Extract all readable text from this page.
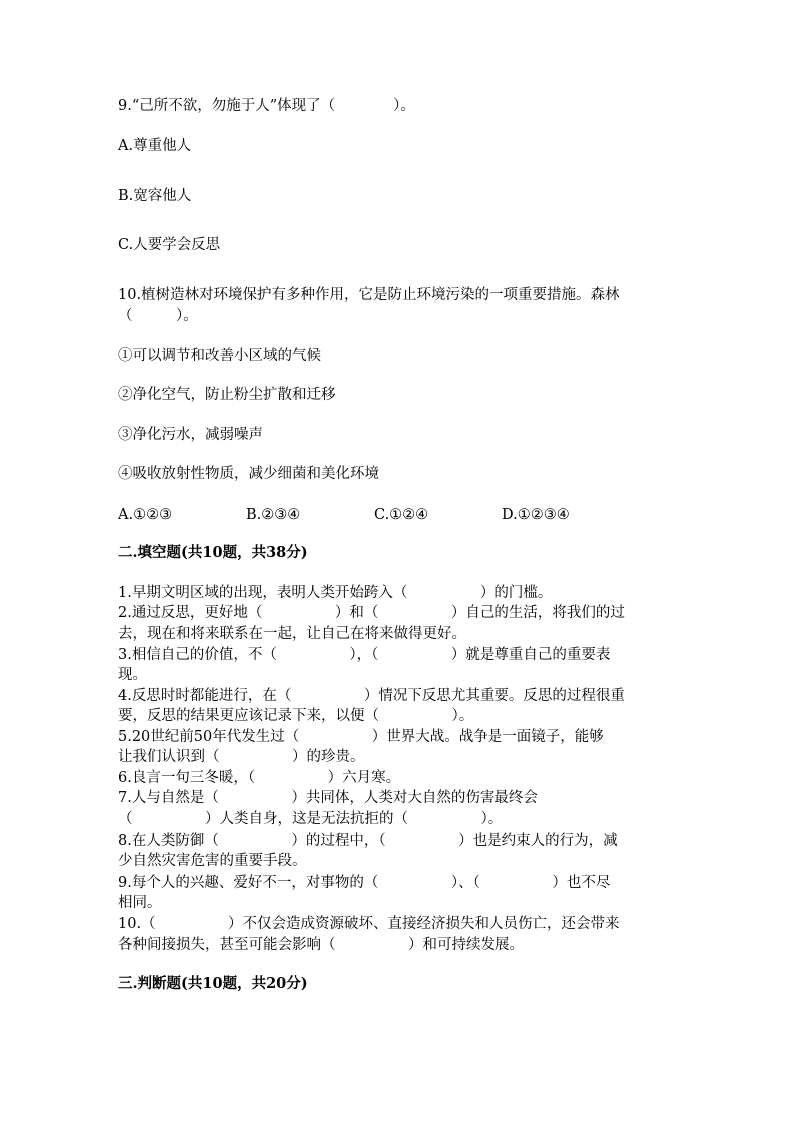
9.“己所不欲，勿施于人”体现了（　　　　）。
A.尊重他人
B.宽容他人
C.人要学会反思
10.植树造林对环境保护有多种作用，它是防止环境污染的一项重要措施。森林
（　　　）。
①可以调节和改善小区域的气候
②净化空气，防止粉尘扩散和迁移
③净化污水，减弱噪声
④吸收放射性物质，减少细菌和美化环境
A.①②③	B.②③④	C.①②④	D.①②③④
二.填空题(共10题，共38分)
1.早期文明区域的出现，表明人类开始跨入（　　　　　）的门槛。
2.通过反思，更好地（　　　　　）和（　　　　　）自己的生活，将我们的过
去，现在和将来联系在一起，让自己在将来做得更好。
3.相信自己的价值，不（　　　　　），（　　　　　）就是尊重自己的重要表
现。
4.反思时时都能进行，在（　　　　　）情况下反思尤其重要。反思的过程很重
要，反思的结果更应该记录下来，以便（　　　　　）。
5.20世纪前50年代发生过（　　　　　）世界大战。战争是一面镜子，能够
让我们认识到（　　　　　）的珍贵。
6.良言一句三冬暖，（　　　　　）六月寒。
7.人与自然是（　　　　　）共同体，人类对大自然的伤害最终会
（　　　　　）人类自身，这是无法抗拒的（　　　　　）。
8.在人类防御（　　　　　）的过程中，（　　　　　）也是约束人的行为，减
少自然灾害危害的重要手段。
9.每个人的兴趣、爱好不一，对事物的（　　　　　）、（　　　　　）也不尽
相同。
10.（　　　　　）不仅会造成资源破坏、直接经济损失和人员伤亡，还会带来
各种间接损失，甚至可能会影响（　　　　　）和可持续发展。
三.判断题(共10题，共20分)
